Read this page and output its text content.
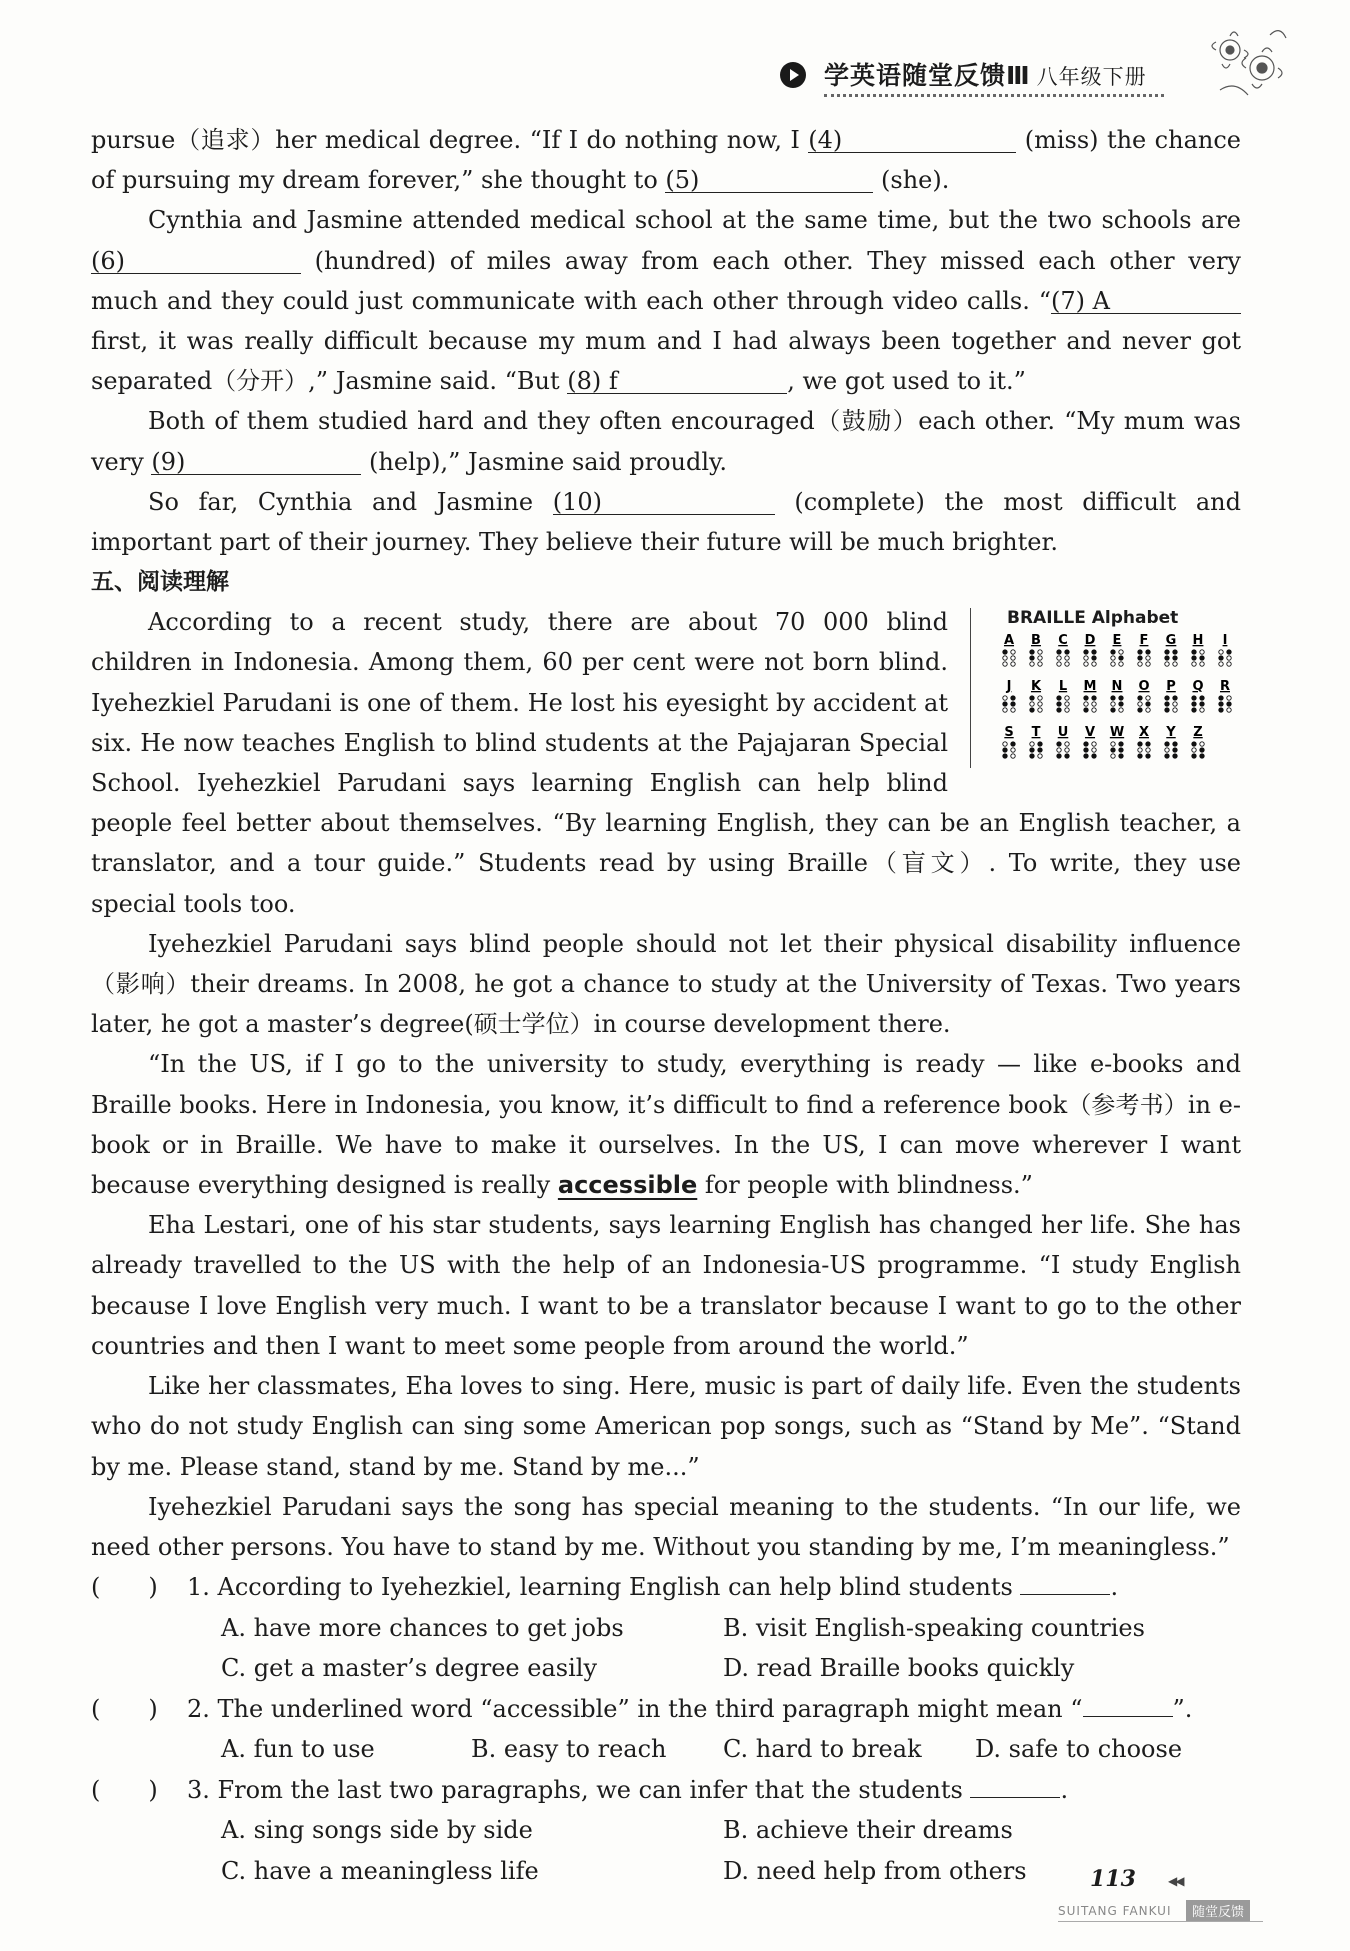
学英语随堂反馈Ⅲ 八年级下册

pursue（追求）her medical degree. “If I do nothing now, I (4)	(miss) the chance of pursuing my dream forever,” she thought to (5)	(she).

Cynthia and Jasmine attended medical school at the same time, but the two schools are (6)	(hundred) of miles away from each other. They missed each other very much and they could just communicate with each other through video calls. “(7) A first, it was really difficult because my mum and I had always been together and never got separated（分开）,” Jasmine said. “But (8) f	, we got used to it.”

Both of them studied hard and they often encouraged（鼓励）each other. “My mum was very (9)	(help),” Jasmine said proudly.

So far, Cynthia and Jasmine (10)	(complete) the most difficult and important part of their journey. They believe their future will be much brighter.

五、阅读理解

BRAILLE Alphabet
A B C D E F G H I
J K L M N O P Q R
S T U V W X Y Z

According to a recent study, there are about 70 000 blind children in Indonesia. Among them, 60 per cent were not born blind. Iyehezkiel Parudani is one of them. He lost his eyesight by accident at six. He now teaches English to blind students at the Pajajaran Special School. Iyehezkiel Parudani says learning English can help blind people feel better about themselves. “By learning English, they can be an English teacher, a translator, and a tour guide.” Students read by using Braille（盲文）. To write, they use special tools too.

Iyehezkiel Parudani says blind people should not let their physical disability influence（影响）their dreams. In 2008, he got a chance to study at the University of Texas. Two years later, he got a master’s degree(硕士学位）in course development there.

“In the US, if I go to the university to study, everything is ready — like e-books and Braille books. Here in Indonesia, you know, it’s difficult to find a reference book（参考书）in e-book or in Braille. We have to make it ourselves. In the US, I can move wherever I want because everything designed is really accessible for people with blindness.”

Eha Lestari, one of his star students, says learning English has changed her life. She has already travelled to the US with the help of an Indonesia-US programme. “I study English because I love English very much. I want to be a translator because I want to go to the other countries and then I want to meet some people from around the world.”

Like her classmates, Eha loves to sing. Here, music is part of daily life. Even the students who do not study English can sing some American pop songs, such as “Stand by Me”. “Stand by me. Please stand, stand by me. Stand by me...”

Iyehezkiel Parudani says the song has special meaning to the students. “In our life, we need other persons. You have to stand by me. Without you standing by me, I’m meaningless.”

(　　) 1. According to Iyehezkiel, learning English can help blind students	.

A. have more chances to get jobs	B. visit English-speaking countries
C. get a master’s degree easily	D. read Braille books quickly

(　　) 2. The underlined word “accessible” in the third paragraph might mean “	”.

A. fun to use	B. easy to reach C. hard to break D. safe to choose

(　　) 3. From the last two paragraphs, we can infer that the students	.

A. sing songs side by side	B. achieve their dreams
C. have a meaningless life	D. need help from others	113	◀◀
SUITANG FANKUI	随堂反馈
